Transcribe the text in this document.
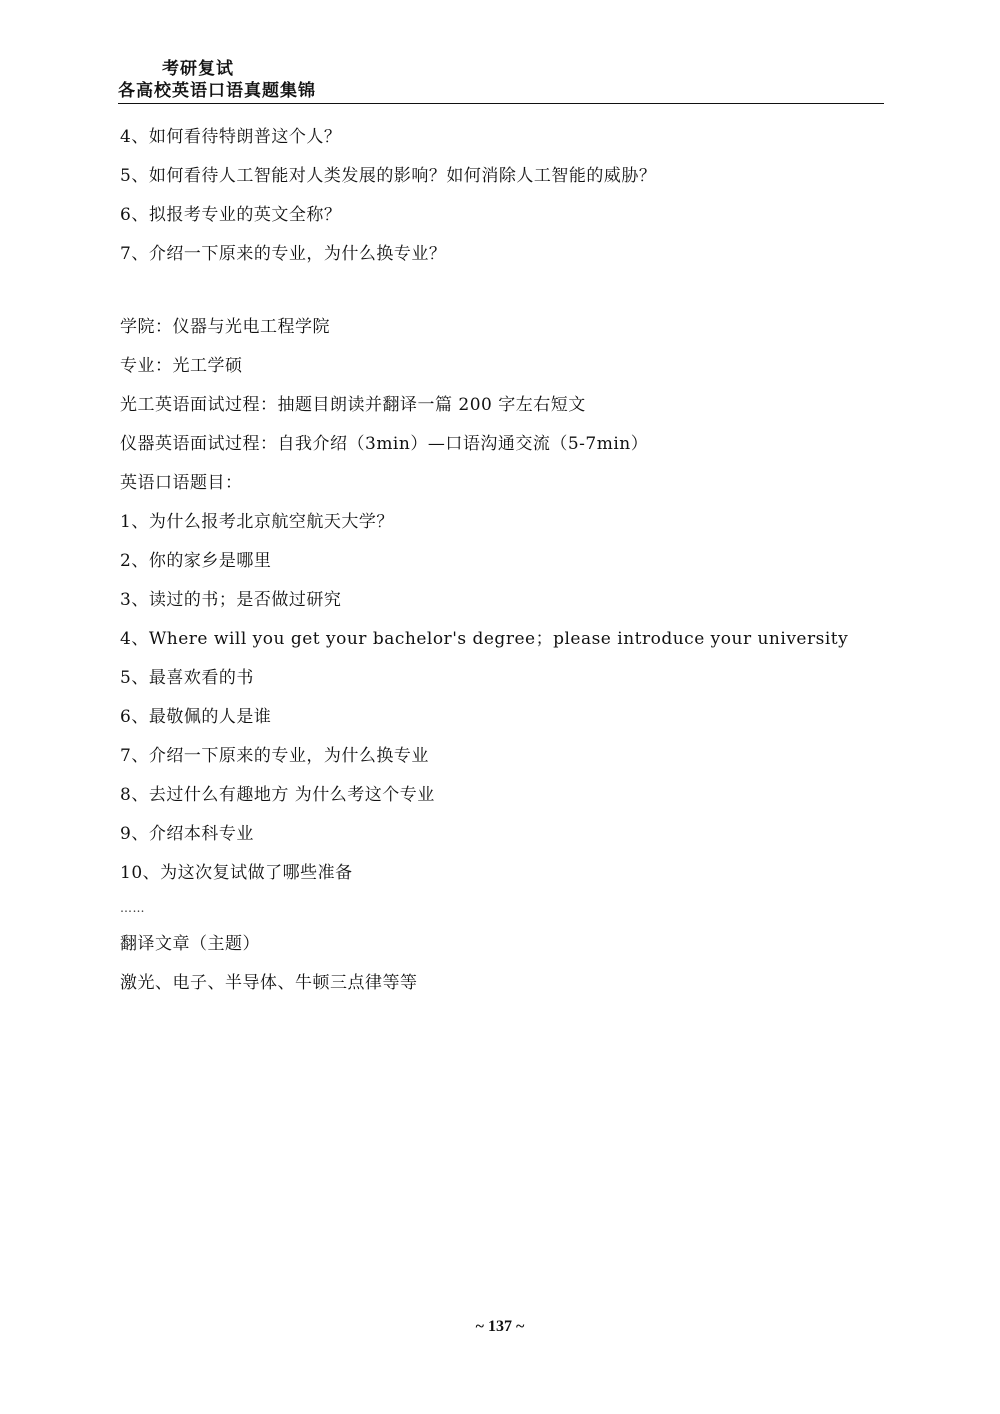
考研复试
各高校英语口语真题集锦
4、如何看待特朗普这个人？
5、如何看待人工智能对人类发展的影响？如何消除人工智能的威胁？
6、拟报考专业的英文全称？
7、介绍一下原来的专业，为什么换专业？
学院：仪器与光电工程学院
专业：光工学硕
光工英语面试过程：抽题目朗读并翻译一篇 200 字左右短文
仪器英语面试过程：自我介绍（3min）—口语沟通交流（5-7min）
英语口语题目：
1、为什么报考北京航空航天大学？
2、你的家乡是哪里
3、读过的书；是否做过研究
4、Where will you get your bachelor's degree；please introduce your university
5、最喜欢看的书
6、最敬佩的人是谁
7、介绍一下原来的专业，为什么换专业
8、去过什么有趣地方 为什么考这个专业
9、介绍本科专业
10、为这次复试做了哪些准备
……
翻译文章（主题）
激光、电子、半导体、牛顿三点律等等
~ 137 ~
